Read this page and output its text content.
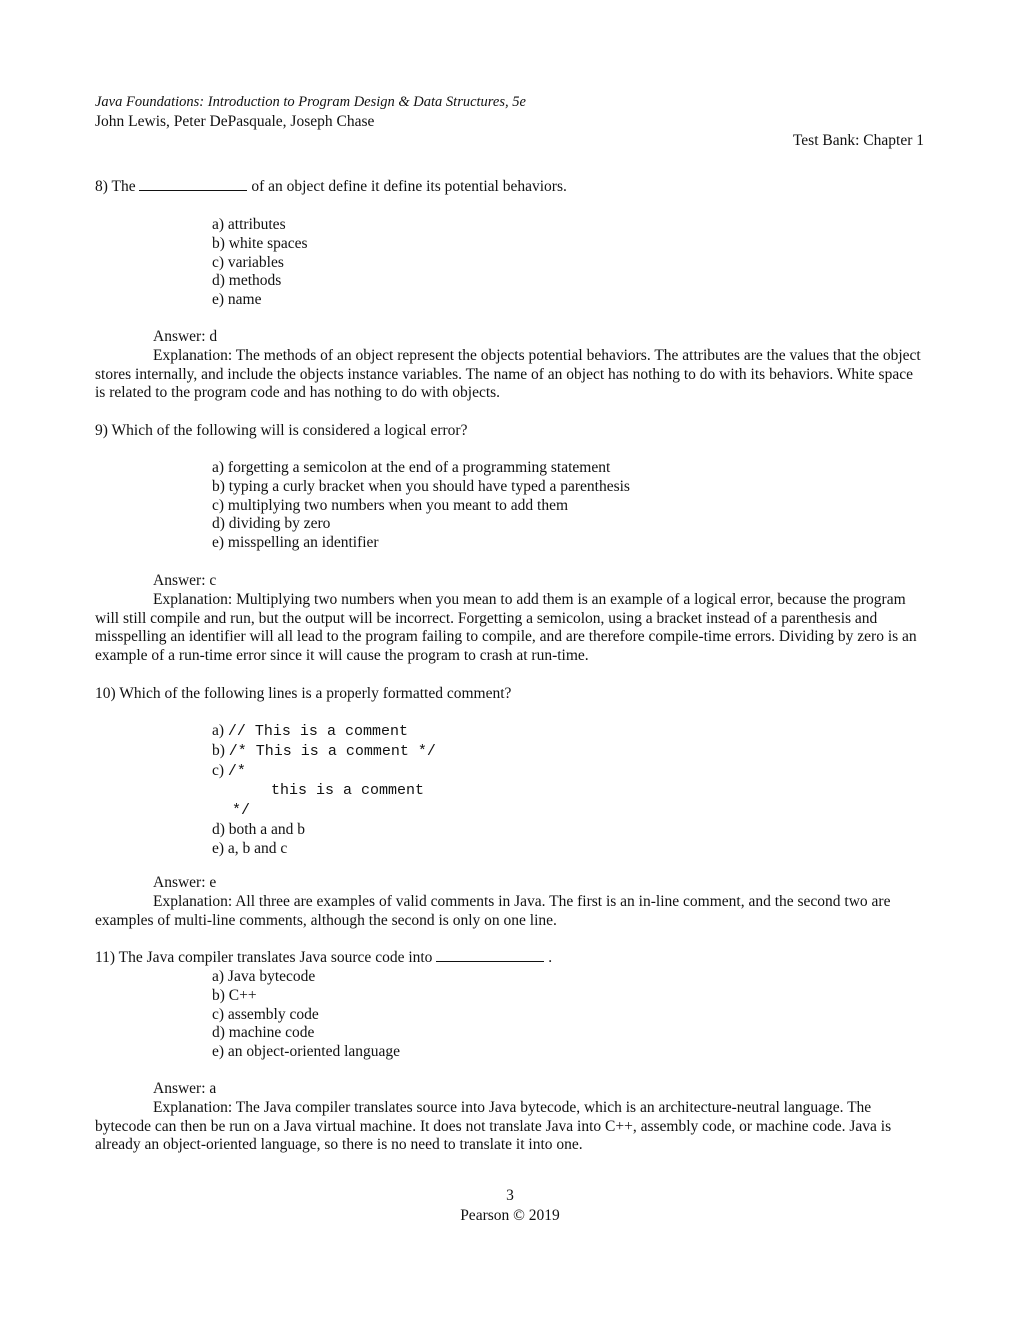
Java Foundations: Introduction to Program Design & Data Structures, 5e
John Lewis, Peter DePasquale, Joseph Chase
Test Bank: Chapter 1
8) The	of an object define it define its potential behaviors.
a) attributes
b) white spaces
c) variables
d) methods
e) name
Answer: d
Explanation: The methods of an object represent the objects potential behaviors. The attributes are the values that the object stores internally, and include the objects instance variables. The name of an object has nothing to do with its behaviors. White space is related to the program code and has nothing to do with objects.
9) Which of the following will is considered a logical error?
a) forgetting a semicolon at the end of a programming statement
b) typing a curly bracket when you should have typed a parenthesis
c) multiplying two numbers when you meant to add them
d) dividing by zero
e) misspelling an identifier
Answer: c
Explanation: Multiplying two numbers when you mean to add them is an example of a logical error, because the program will still compile and run, but the output will be incorrect. Forgetting a semicolon, using a bracket instead of a parenthesis and misspelling an identifier will all lead to the program failing to compile, and are therefore compile-time errors. Dividing by zero is an example of a run-time error since it will cause the program to crash at run-time.
10) Which of the following lines is a properly formatted comment?
a) // This is a comment
b) /* This is a comment */
c) /*
this is a comment
*/
d) both a and b
e) a, b and c
Answer: e
Explanation: All three are examples of valid comments in Java. The first is an in-line comment, and the second two are examples of multi-line comments, although the second is only on one line.
11) The Java compiler translates Java source code into	.
a) Java bytecode
b) C++
c) assembly code
d) machine code
e) an object-oriented language
Answer: a
Explanation: The Java compiler translates source into Java bytecode, which is an architecture-neutral language. The bytecode can then be run on a Java virtual machine. It does not translate Java into C++, assembly code, or machine code. Java is already an object-oriented language, so there is no need to translate it into one.
3
Pearson © 2019
